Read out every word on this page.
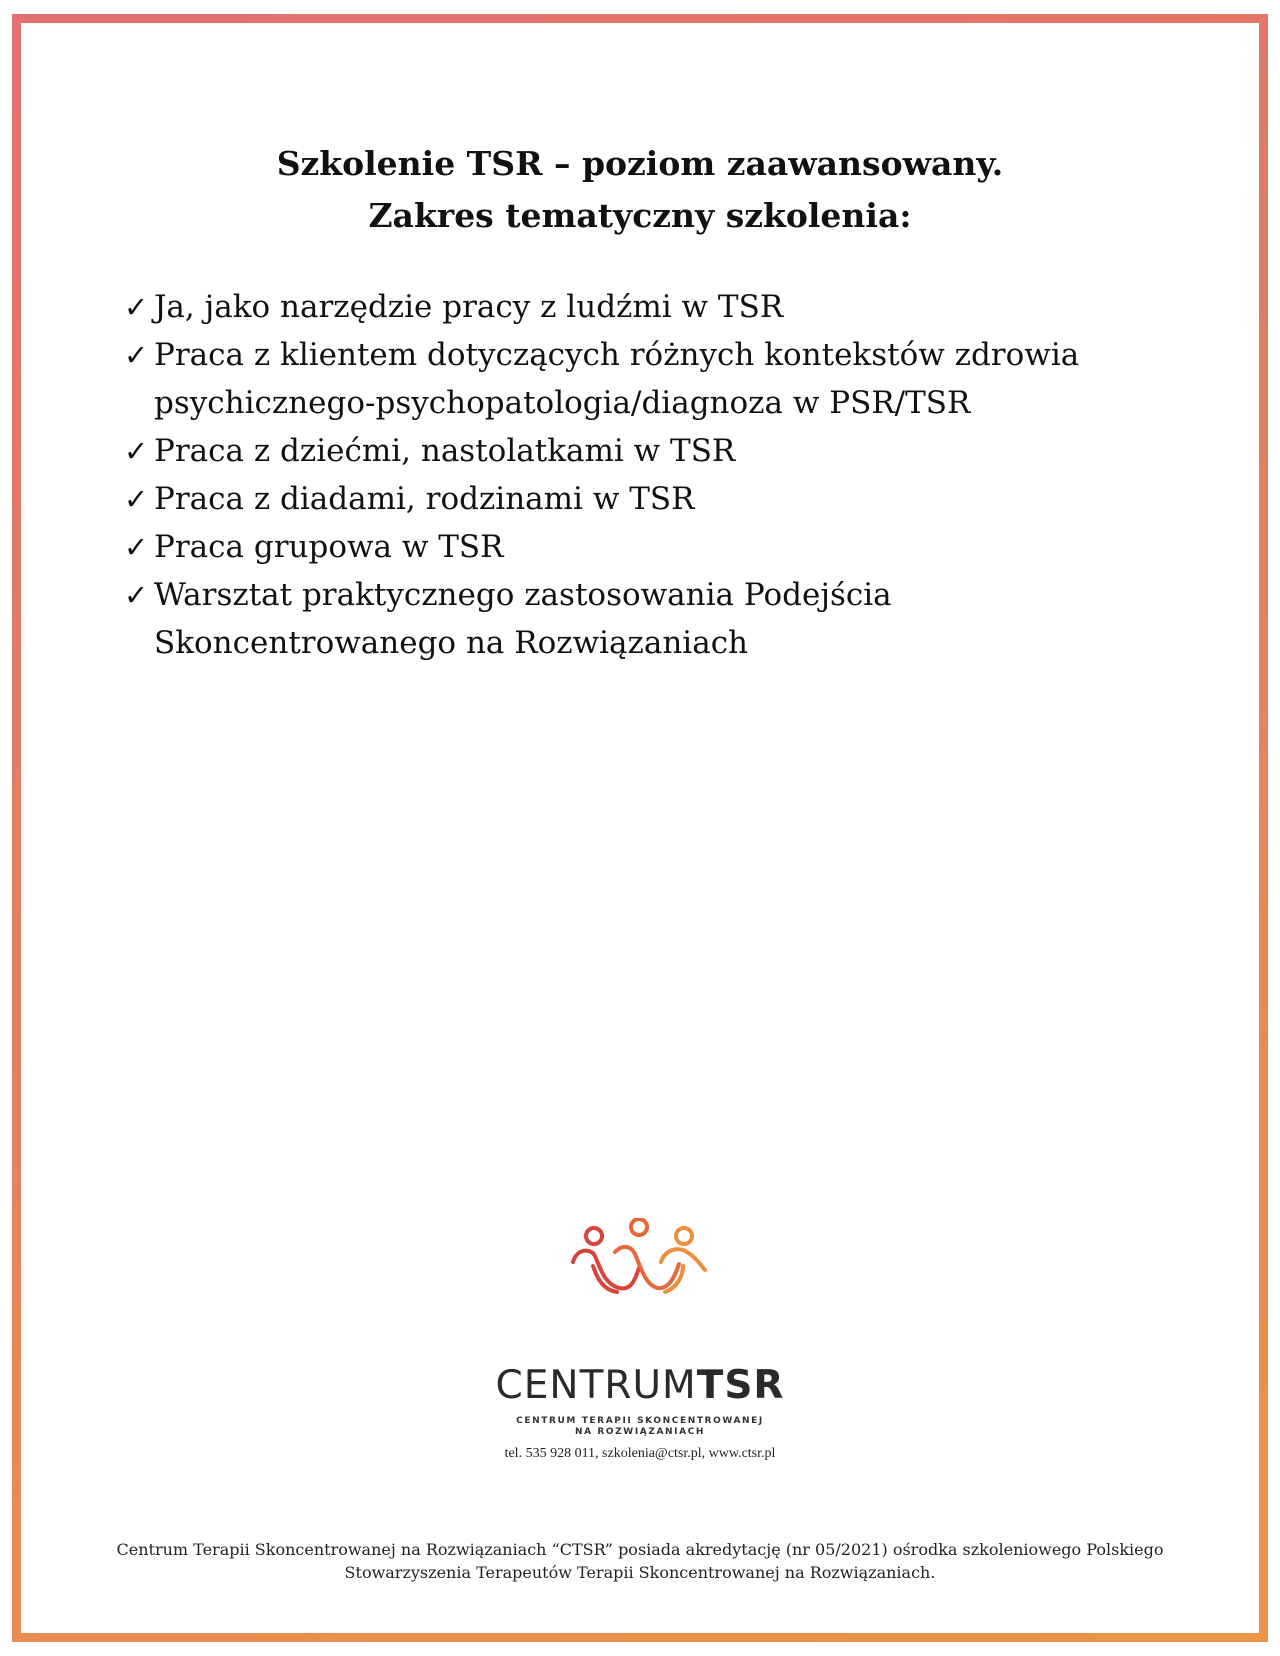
Szkolenie TSR – poziom zaawansowany.
Zakres tematyczny szkolenia:
✓ Ja, jako narzędzie pracy z ludźmi w TSR
✓ Praca z klientem dotyczących różnych kontekstów zdrowia
psychicznego-psychopatologia/diagnoza w PSR/TSR
✓ Praca z dziećmi, nastolatkami w TSR
✓ Praca z diadami, rodzinami w TSR
✓ Praca grupowa w TSR
✓ Warsztat praktycznego zastosowania Podejścia
Skoncentrowanego na Rozwiązaniach
CENTRUMTSR
CENTRUM TERAPII SKONCENTROWANEJ
NA ROZWIĄZANIACH
tel. 535 928 011, szkolenia@ctsr.pl, www.ctsr.pl
Centrum Terapii Skoncentrowanej na Rozwiązaniach “CTSR” posiada akredytację (nr 05/2021) ośrodka szkoleniowego Polskiego
Stowarzyszenia Terapeutów Terapii Skoncentrowanej na Rozwiązaniach.
